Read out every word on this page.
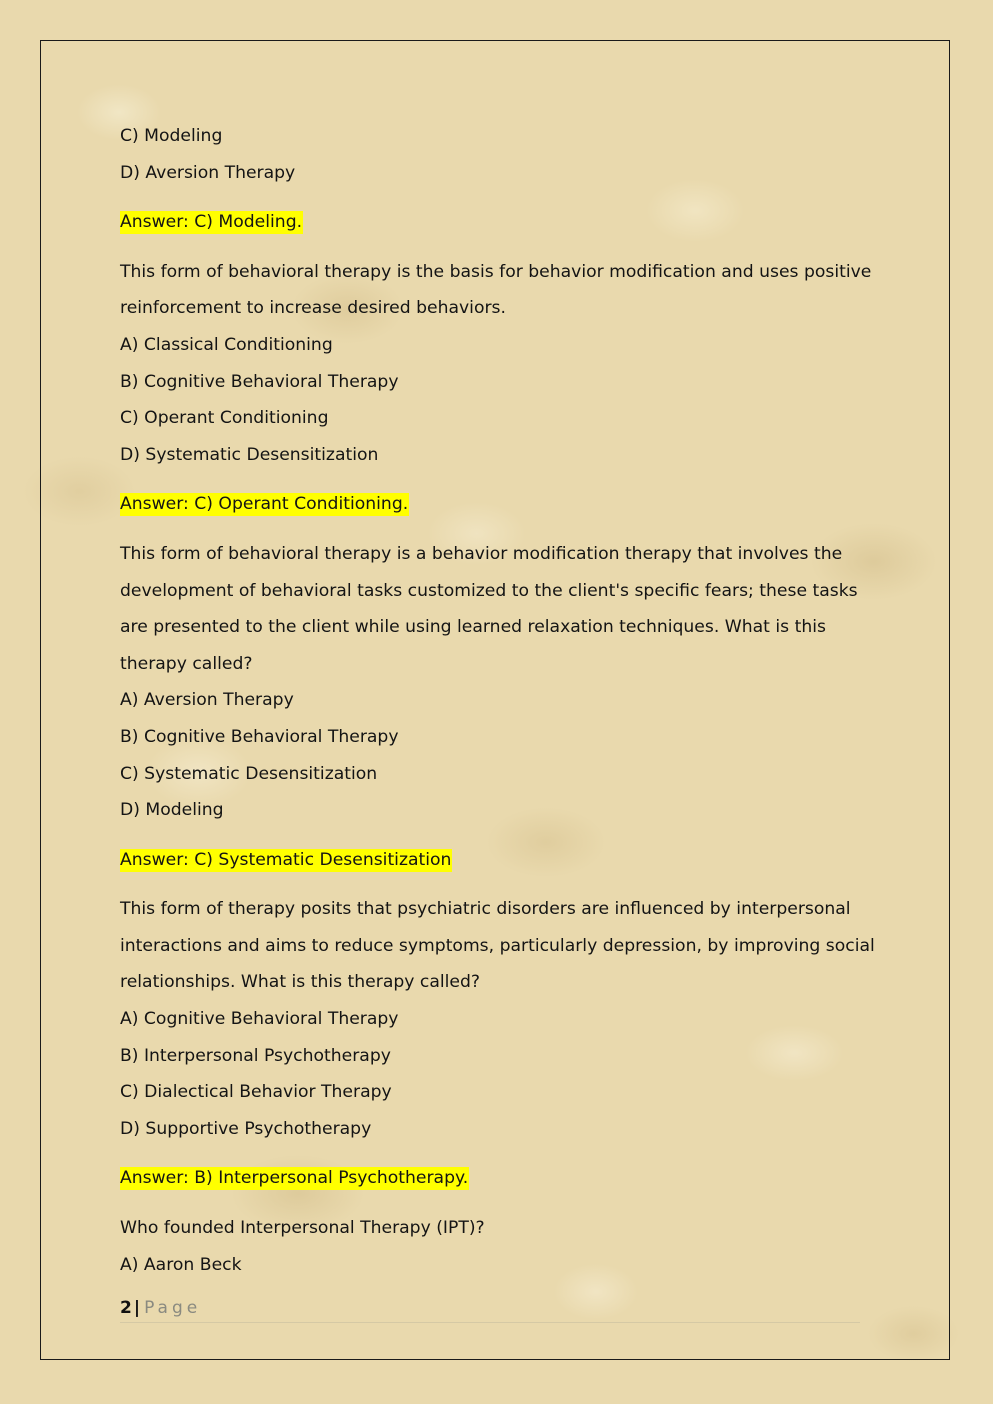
C) Modeling
D) Aversion Therapy
Answer: C) Modeling.
This form of behavioral therapy is the basis for behavior modification and uses positive
reinforcement to increase desired behaviors.
A) Classical Conditioning
B) Cognitive Behavioral Therapy
C) Operant Conditioning
D) Systematic Desensitization
Answer: C) Operant Conditioning.
This form of behavioral therapy is a behavior modification therapy that involves the
development of behavioral tasks customized to the client's specific fears; these tasks
are presented to the client while using learned relaxation techniques. What is this
therapy called?
A) Aversion Therapy
B) Cognitive Behavioral Therapy
C) Systematic Desensitization
D) Modeling
Answer: C) Systematic Desensitization
This form of therapy posits that psychiatric disorders are influenced by interpersonal
interactions and aims to reduce symptoms, particularly depression, by improving social
relationships. What is this therapy called?
A) Cognitive Behavioral Therapy
B) Interpersonal Psychotherapy
C) Dialectical Behavior Therapy
D) Supportive Psychotherapy
Answer: B) Interpersonal Psychotherapy.
Who founded Interpersonal Therapy (IPT)?
A) Aaron Beck
2 | Page
